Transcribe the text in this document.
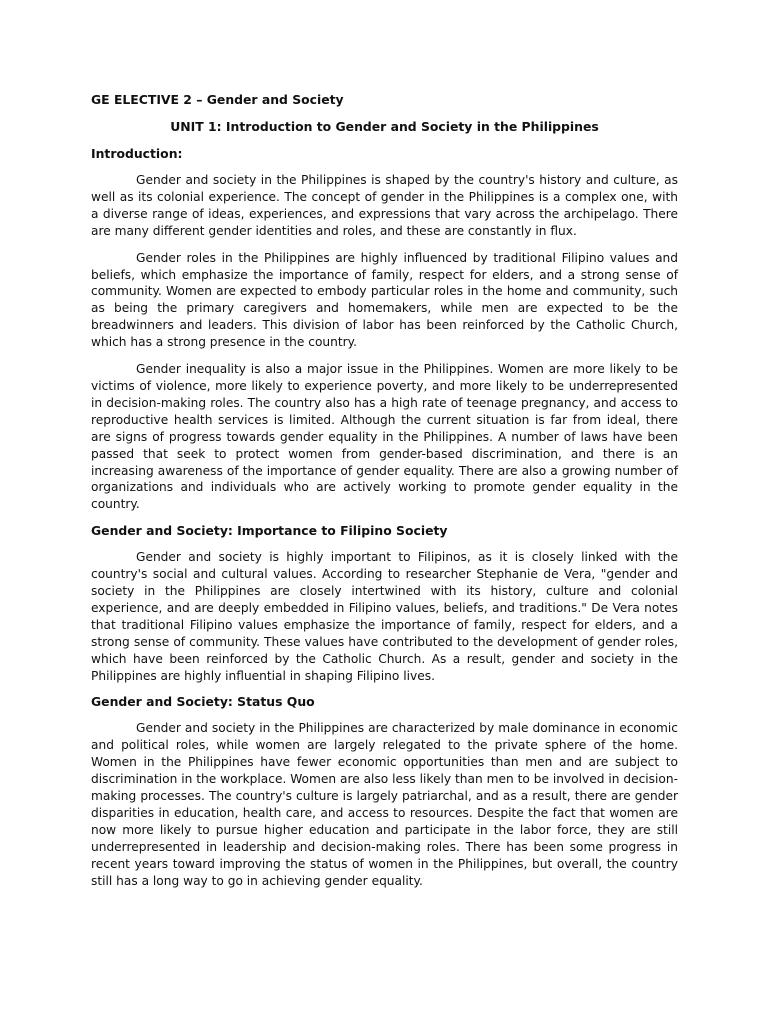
GE ELECTIVE 2 – Gender and Society
UNIT 1: Introduction to Gender and Society in the Philippines
Introduction:

Gender and society in the Philippines is shaped by the country's history and culture, as well as its colonial experience. The concept of gender in the Philippines is a complex one, with a diverse range of ideas, experiences, and expressions that vary across the archipelago. There are many different gender identities and roles, and these are constantly in flux.

Gender roles in the Philippines are highly influenced by traditional Filipino values and beliefs, which emphasize the importance of family, respect for elders, and a strong sense of community. Women are expected to embody particular roles in the home and community, such as being the primary caregivers and homemakers, while men are expected to be the breadwinners and leaders. This division of labor has been reinforced by the Catholic Church, which has a strong presence in the country.

Gender inequality is also a major issue in the Philippines. Women are more likely to be victims of violence, more likely to experience poverty, and more likely to be underrepresented in decision-making roles. The country also has a high rate of teenage pregnancy, and access to reproductive health services is limited. Although the current situation is far from ideal, there are signs of progress towards gender equality in the Philippines. A number of laws have been passed that seek to protect women from gender-based discrimination, and there is an increasing awareness of the importance of gender equality. There are also a growing number of organizations and individuals who are actively working to promote gender equality in the country.

Gender and Society: Importance to Filipino Society

Gender and society is highly important to Filipinos, as it is closely linked with the country's social and cultural values. According to researcher Stephanie de Vera, "gender and society in the Philippines are closely intertwined with its history, culture and colonial experience, and are deeply embedded in Filipino values, beliefs, and traditions." De Vera notes that traditional Filipino values emphasize the importance of family, respect for elders, and a strong sense of community. These values have contributed to the development of gender roles, which have been reinforced by the Catholic Church. As a result, gender and society in the Philippines are highly influential in shaping Filipino lives.

Gender and Society: Status Quo

Gender and society in the Philippines are characterized by male dominance in economic and political roles, while women are largely relegated to the private sphere of the home. Women in the Philippines have fewer economic opportunities than men and are subject to discrimination in the workplace. Women are also less likely than men to be involved in decision-making processes. The country's culture is largely patriarchal, and as a result, there are gender disparities in education, health care, and access to resources. Despite the fact that women are now more likely to pursue higher education and participate in the labor force, they are still underrepresented in leadership and decision-making roles. There has been some progress in recent years toward improving the status of women in the Philippines, but overall, the country still has a long way to go in achieving gender equality.
